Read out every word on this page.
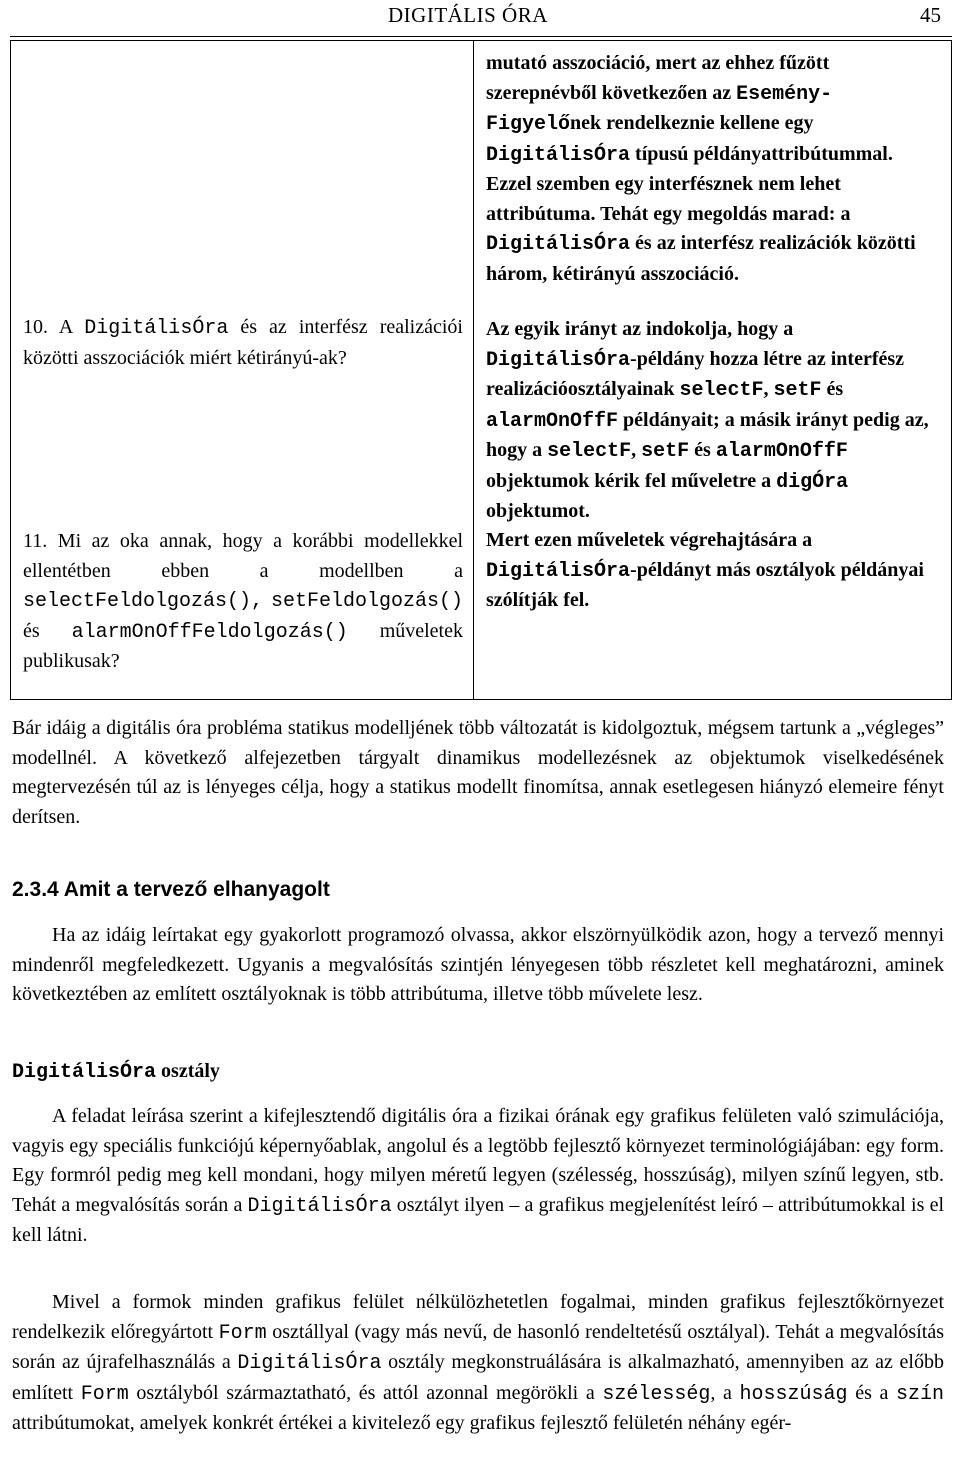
DIGITÁLIS ÓRA	45
10. A DigitálisÓra és az interfész realizációi közötti asszociációk miért kétirányú-ak?
11. Mi az oka annak, hogy a korábbi modellekkel ellentétben ebben a modellben a selectFeldolgozás(), setFeldolgozás() és alarmOnOffFeldolgozás() műveletek publikusak?
mutató asszociáció, mert az ehhez fűzött szerepnévből következően az Esemény-Figyelőnek rendelkeznie kellene egy DigitálisÓra típusú példányattribútummal. Ezzel szemben egy interfésznek nem lehet attribútuma. Tehát egy megoldás marad: a DigitálisÓra és az interfész realizációk közötti három, kétirányú asszociáció.
Az egyik irányt az indokolja, hogy a DigitálisÓra-példány hozza létre az interfész realizációosztályainak selectF, setF és alarmOnOffF példányait; a másik irányt pedig az, hogy a selectF, setF és alarmOnOffF objektumok kérik fel műveletre a digÓra objektumot.
Mert ezen műveletek végrehajtására a DigitálisÓra-példányt más osztályok példányai szólítják fel.
Bár idáig a digitális óra probléma statikus modelljének több változatát is kidolgoztuk, mégsem tartunk a „végleges” modellnél. A következő alfejezetben tárgyalt dinamikus modellezésnek az objektumok viselkedésének megtervezésén túl az is lényeges célja, hogy a statikus modellt finomítsa, annak esetlegesen hiányzó elemeire fényt derítsen.
2.3.4 Amit a tervező elhanyagolt
Ha az idáig leírtakat egy gyakorlott programozó olvassa, akkor elszörnyülködik azon, hogy a tervező mennyi mindenről megfeledkezett. Ugyanis a megvalósítás szintjén lényegesen több részletet kell meghatározni, aminek következtében az említett osztályoknak is több attribútuma, illetve több művelete lesz.
DigitálisÓra osztály
A feladat leírása szerint a kifejlesztendő digitális óra a fizikai órának egy grafikus felületen való szimulációja, vagyis egy speciális funkciójú képernyőablak, angolul és a legtöbb fejlesztő környezet terminológiájában: egy form. Egy formról pedig meg kell mondani, hogy milyen méretű legyen (szélesség, hosszúság), milyen színű legyen, stb. Tehát a megvalósítás során a DigitálisÓra osztályt ilyen – a grafikus megjelenítést leíró – attribútumokkal is el kell látni.
Mivel a formok minden grafikus felület nélkülözhetetlen fogalmai, minden grafikus fejlesztőkörnyezet rendelkezik előregyártott Form osztállyal (vagy más nevű, de hasonló rendeltetésű osztályal). Tehát a megvalósítás során az újrafelhasználás a DigitálisÓra osztály megkonstruálására is alkalmazható, amennyiben az az előbb említett Form osztályból származtatható, és attól azonnal megörökli a szélesség, a hosszúság és a szín attribútumokat, amelyek konkrét értékei a kivitelező egy grafikus fejlesztő felületén néhány egér-
